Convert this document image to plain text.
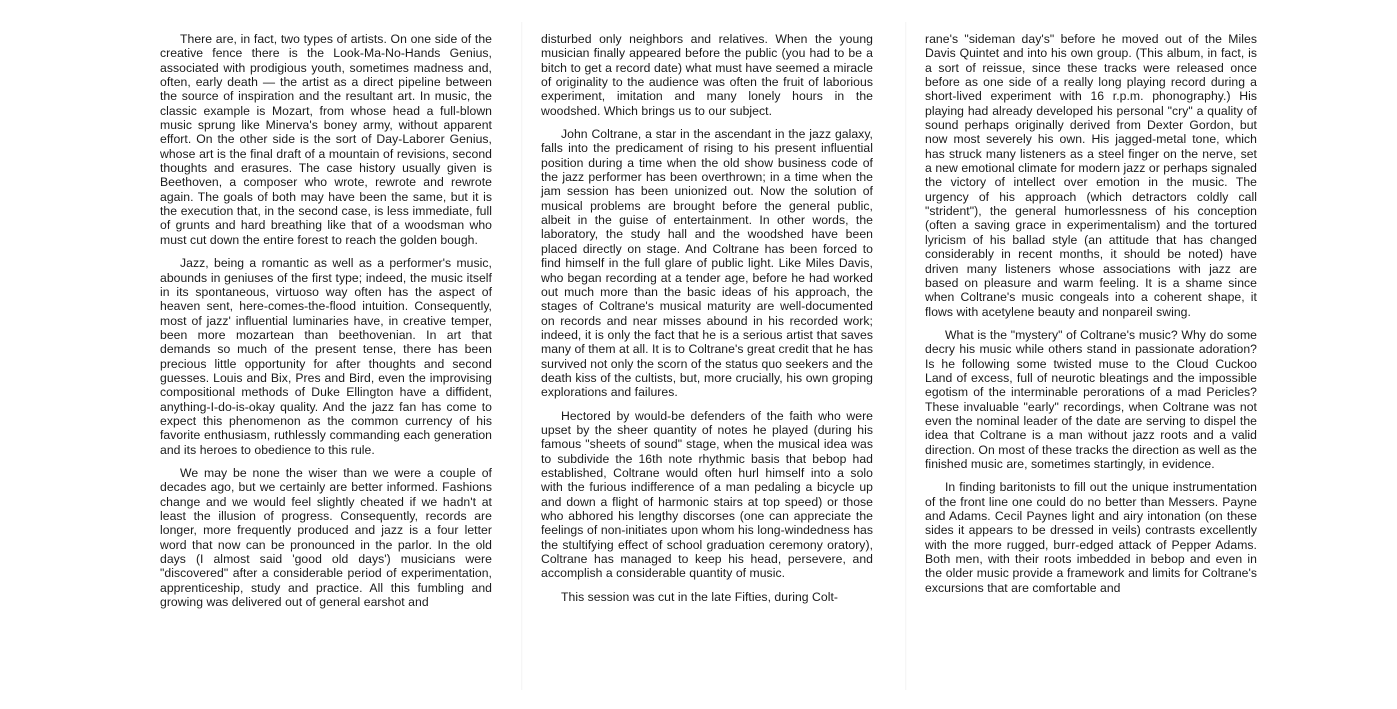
There are, in fact, two types of artists. On one side of the creative fence there is the Look-Ma-No-Hands Genius, associated with prodigious youth, sometimes madness and, often, early death — the artist as a direct pipeline between the source of inspiration and the resultant art. In music, the classic example is Mozart, from whose head a full-blown music sprung like Minerva's boney army, without apparent effort. On the other side is the sort of Day-Laborer Genius, whose art is the final draft of a mountain of revisions, second thoughts and erasures. The case history usually given is Beethoven, a composer who wrote, rewrote and rewrote again. The goals of both may have been the same, but it is the execution that, in the second case, is less immediate, full of grunts and hard breathing like that of a woodsman who must cut down the entire forest to reach the golden bough.

Jazz, being a romantic as well as a performer's music, abounds in geniuses of the first type; indeed, the music itself in its spontaneous, virtuoso way often has the aspect of heaven sent, here-comes-the-flood intuition. Consequently, most of jazz' influential luminaries have, in creative temper, been more mozartean than beethovenian. In art that demands so much of the present tense, there has been precious little opportunity for after thoughts and second guesses. Louis and Bix, Pres and Bird, even the improvising compositional methods of Duke Ellington have a diffident, anything-I-do-is-okay quality. And the jazz fan has come to expect this phenomenon as the common currency of his favorite enthusiasm, ruthlessly commanding each generation and its heroes to obedience to this rule.

We may be none the wiser than we were a couple of decades ago, but we certainly are better informed. Fashions change and we would feel slightly cheated if we hadn't at least the illusion of progress. Consequently, records are longer, more frequently produced and jazz is a four letter word that now can be pronounced in the parlor. In the old days (I almost said 'good old days') musicians were "discovered" after a considerable period of experimentation, apprenticeship, study and practice. All this fumbling and growing was delivered out of general earshot and

disturbed only neighbors and relatives. When the young musician finally appeared before the public (you had to be a bitch to get a record date) what must have seemed a miracle of originality to the audience was often the fruit of laborious experiment, imitation and many lonely hours in the woodshed. Which brings us to our subject.

John Coltrane, a star in the ascendant in the jazz galaxy, falls into the predicament of rising to his present influential position during a time when the old show business code of the jazz performer has been overthrown; in a time when the jam session has been unionized out. Now the solution of musical problems are brought before the general public, albeit in the guise of entertainment. In other words, the laboratory, the study hall and the woodshed have been placed directly on stage. And Coltrane has been forced to find himself in the full glare of public light. Like Miles Davis, who began recording at a tender age, before he had worked out much more than the basic ideas of his approach, the stages of Coltrane's musical maturity are well-documented on records and near misses abound in his recorded work; indeed, it is only the fact that he is a serious artist that saves many of them at all. It is to Coltrane's great credit that he has survived not only the scorn of the status quo seekers and the death kiss of the cultists, but, more crucially, his own groping explorations and failures.

Hectored by would-be defenders of the faith who were upset by the sheer quantity of notes he played (during his famous "sheets of sound" stage, when the musical idea was to subdivide the 16th note rhythmic basis that bebop had established, Coltrane would often hurl himself into a solo with the furious indifference of a man pedaling a bicycle up and down a flight of harmonic stairs at top speed) or those who abhored his lengthy discorses (one can appreciate the feelings of non-initiates upon whom his long-windedness has the stultifying effect of school graduation ceremony oratory), Coltrane has managed to keep his head, persevere, and accomplish a considerable quantity of music.

This session was cut in the late Fifties, during Colt-

rane's "sideman day's" before he moved out of the Miles Davis Quintet and into his own group. (This album, in fact, is a sort of reissue, since these tracks were released once before as one side of a really long playing record during a short-lived experiment with 16 r.p.m. phonography.) His playing had already developed his personal "cry" a quality of sound perhaps originally derived from Dexter Gordon, but now most severely his own. His jagged-metal tone, which has struck many listeners as a steel finger on the nerve, set a new emotional climate for modern jazz or perhaps signaled the victory of intellect over emotion in the music. The urgency of his approach (which detractors coldly call "strident"), the general humorlessness of his conception (often a saving grace in experimentalism) and the tortured lyricism of his ballad style (an attitude that has changed considerably in recent months, it should be noted) have driven many listeners whose associations with jazz are based on pleasure and warm feeling. It is a shame since when Coltrane's music congeals into a coherent shape, it flows with acetylene beauty and nonpareil swing.

What is the "mystery" of Coltrane's music? Why do some decry his music while others stand in passionate adoration? Is he following some twisted muse to the Cloud Cuckoo Land of excess, full of neurotic bleatings and the impossible egotism of the interminable perorations of a mad Pericles? These invaluable "early" recordings, when Coltrane was not even the nominal leader of the date are serving to dispel the idea that Coltrane is a man without jazz roots and a valid direction. On most of these tracks the direction as well as the finished music are, sometimes startingly, in evidence.

In finding baritonists to fill out the unique instrumentation of the front line one could do no better than Messers. Payne and Adams. Cecil Paynes light and airy intonation (on these sides it appears to be dressed in veils) contrasts excellently with the more rugged, burr-edged attack of Pepper Adams. Both men, with their roots imbedded in bebop and even in the older music provide a framework and limits for Coltrane's excursions that are comfortable and
